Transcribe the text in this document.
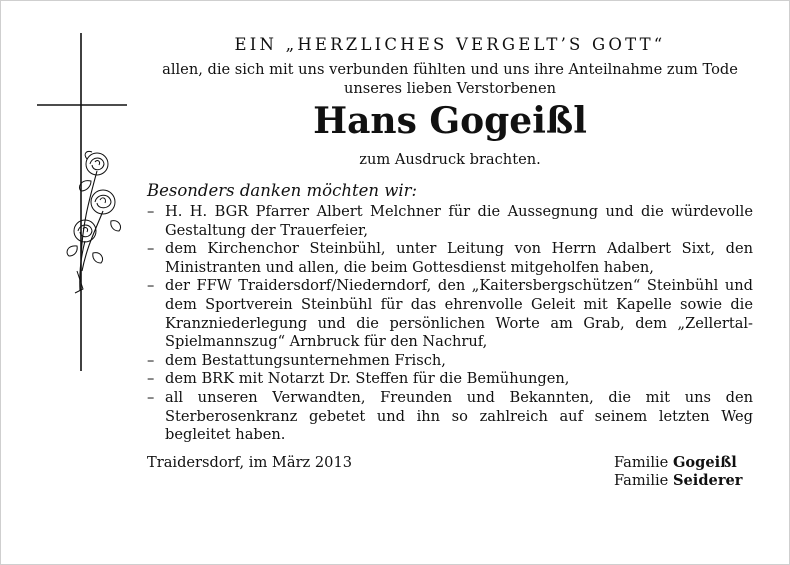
EIN „HERZLICHES VERGELT’S GOTT“

allen, die sich mit uns verbunden fühlten und uns ihre Anteilnahme zum Tode unseres lieben Verstorbenen

Hans Gogeißl

zum Ausdruck brachten.

Besonders danken möchten wir:
– H. H. BGR Pfarrer Albert Melchner für die Aussegnung und die würdevolle Gestaltung der Trauerfeier,
– dem Kirchenchor Steinbühl, unter Leitung von Herrn Adalbert Sixt, den Ministranten und allen, die beim Gottesdienst mitgeholfen haben,
– der FFW Traidersdorf/Niederndorf, den „Kaitersbergschützen“ Steinbühl und dem Sportverein Steinbühl für das ehrenvolle Geleit mit Kapelle sowie die Kranzniederlegung und die persönlichen Worte am Grab, dem „Zellertal-Spielmannszug“ Arnbruck für den Nachruf,
– dem Bestattungsunternehmen Frisch,
– dem BRK mit Notarzt Dr. Steffen für die Bemühungen,
– all unseren Verwandten, Freunden und Bekannten, die mit uns den Sterberosenkranz gebetet und ihn so zahlreich auf seinem letzten Weg begleitet haben.
Traidersdorf, im März 2013	Familie Gogeißl
Familie Seiderer
